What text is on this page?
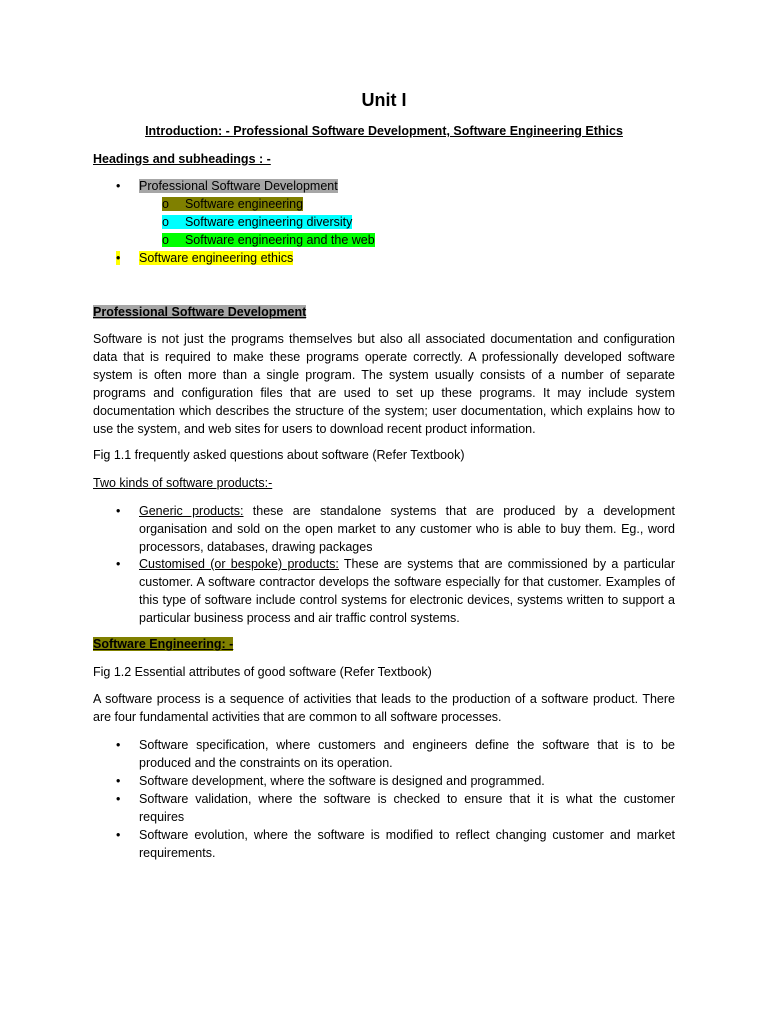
Unit I
Introduction: - Professional Software Development, Software Engineering Ethics
Headings and subheadings : -
• Professional Software Development
o Software engineering
o Software engineering diversity
o Software engineering and the web
• Software engineering ethics
Professional Software Development
Software is not just the programs themselves but also all associated documentation and configuration data that is required to make these programs operate correctly. A professionally developed software system is often more than a single program. The system usually consists of a number of separate programs and configuration files that are used to set up these programs. It may include system documentation which describes the structure of the system; user documentation, which explains how to use the system, and web sites for users to download recent product information.
Fig 1.1 frequently asked questions about software (Refer Textbook)
Two kinds of software products:-
• Generic products: these are standalone systems that are produced by a development organisation and sold on the open market to any customer who is able to buy them. Eg., word processors, databases, drawing packages
• Customised (or bespoke) products: These are systems that are commissioned by a particular customer. A software contractor develops the software especially for that customer. Examples of this type of software include control systems for electronic devices, systems written to support a particular business process and air traffic control systems.
Software Engineering: -
Fig 1.2 Essential attributes of good software (Refer Textbook)
A software process is a sequence of activities that leads to the production of a software product. There are four fundamental activities that are common to all software processes.
• Software specification, where customers and engineers define the software that is to be produced and the constraints on its operation.
• Software development, where the software is designed and programmed.
• Software validation, where the software is checked to ensure that it is what the customer requires
• Software evolution, where the software is modified to reflect changing customer and market requirements.
